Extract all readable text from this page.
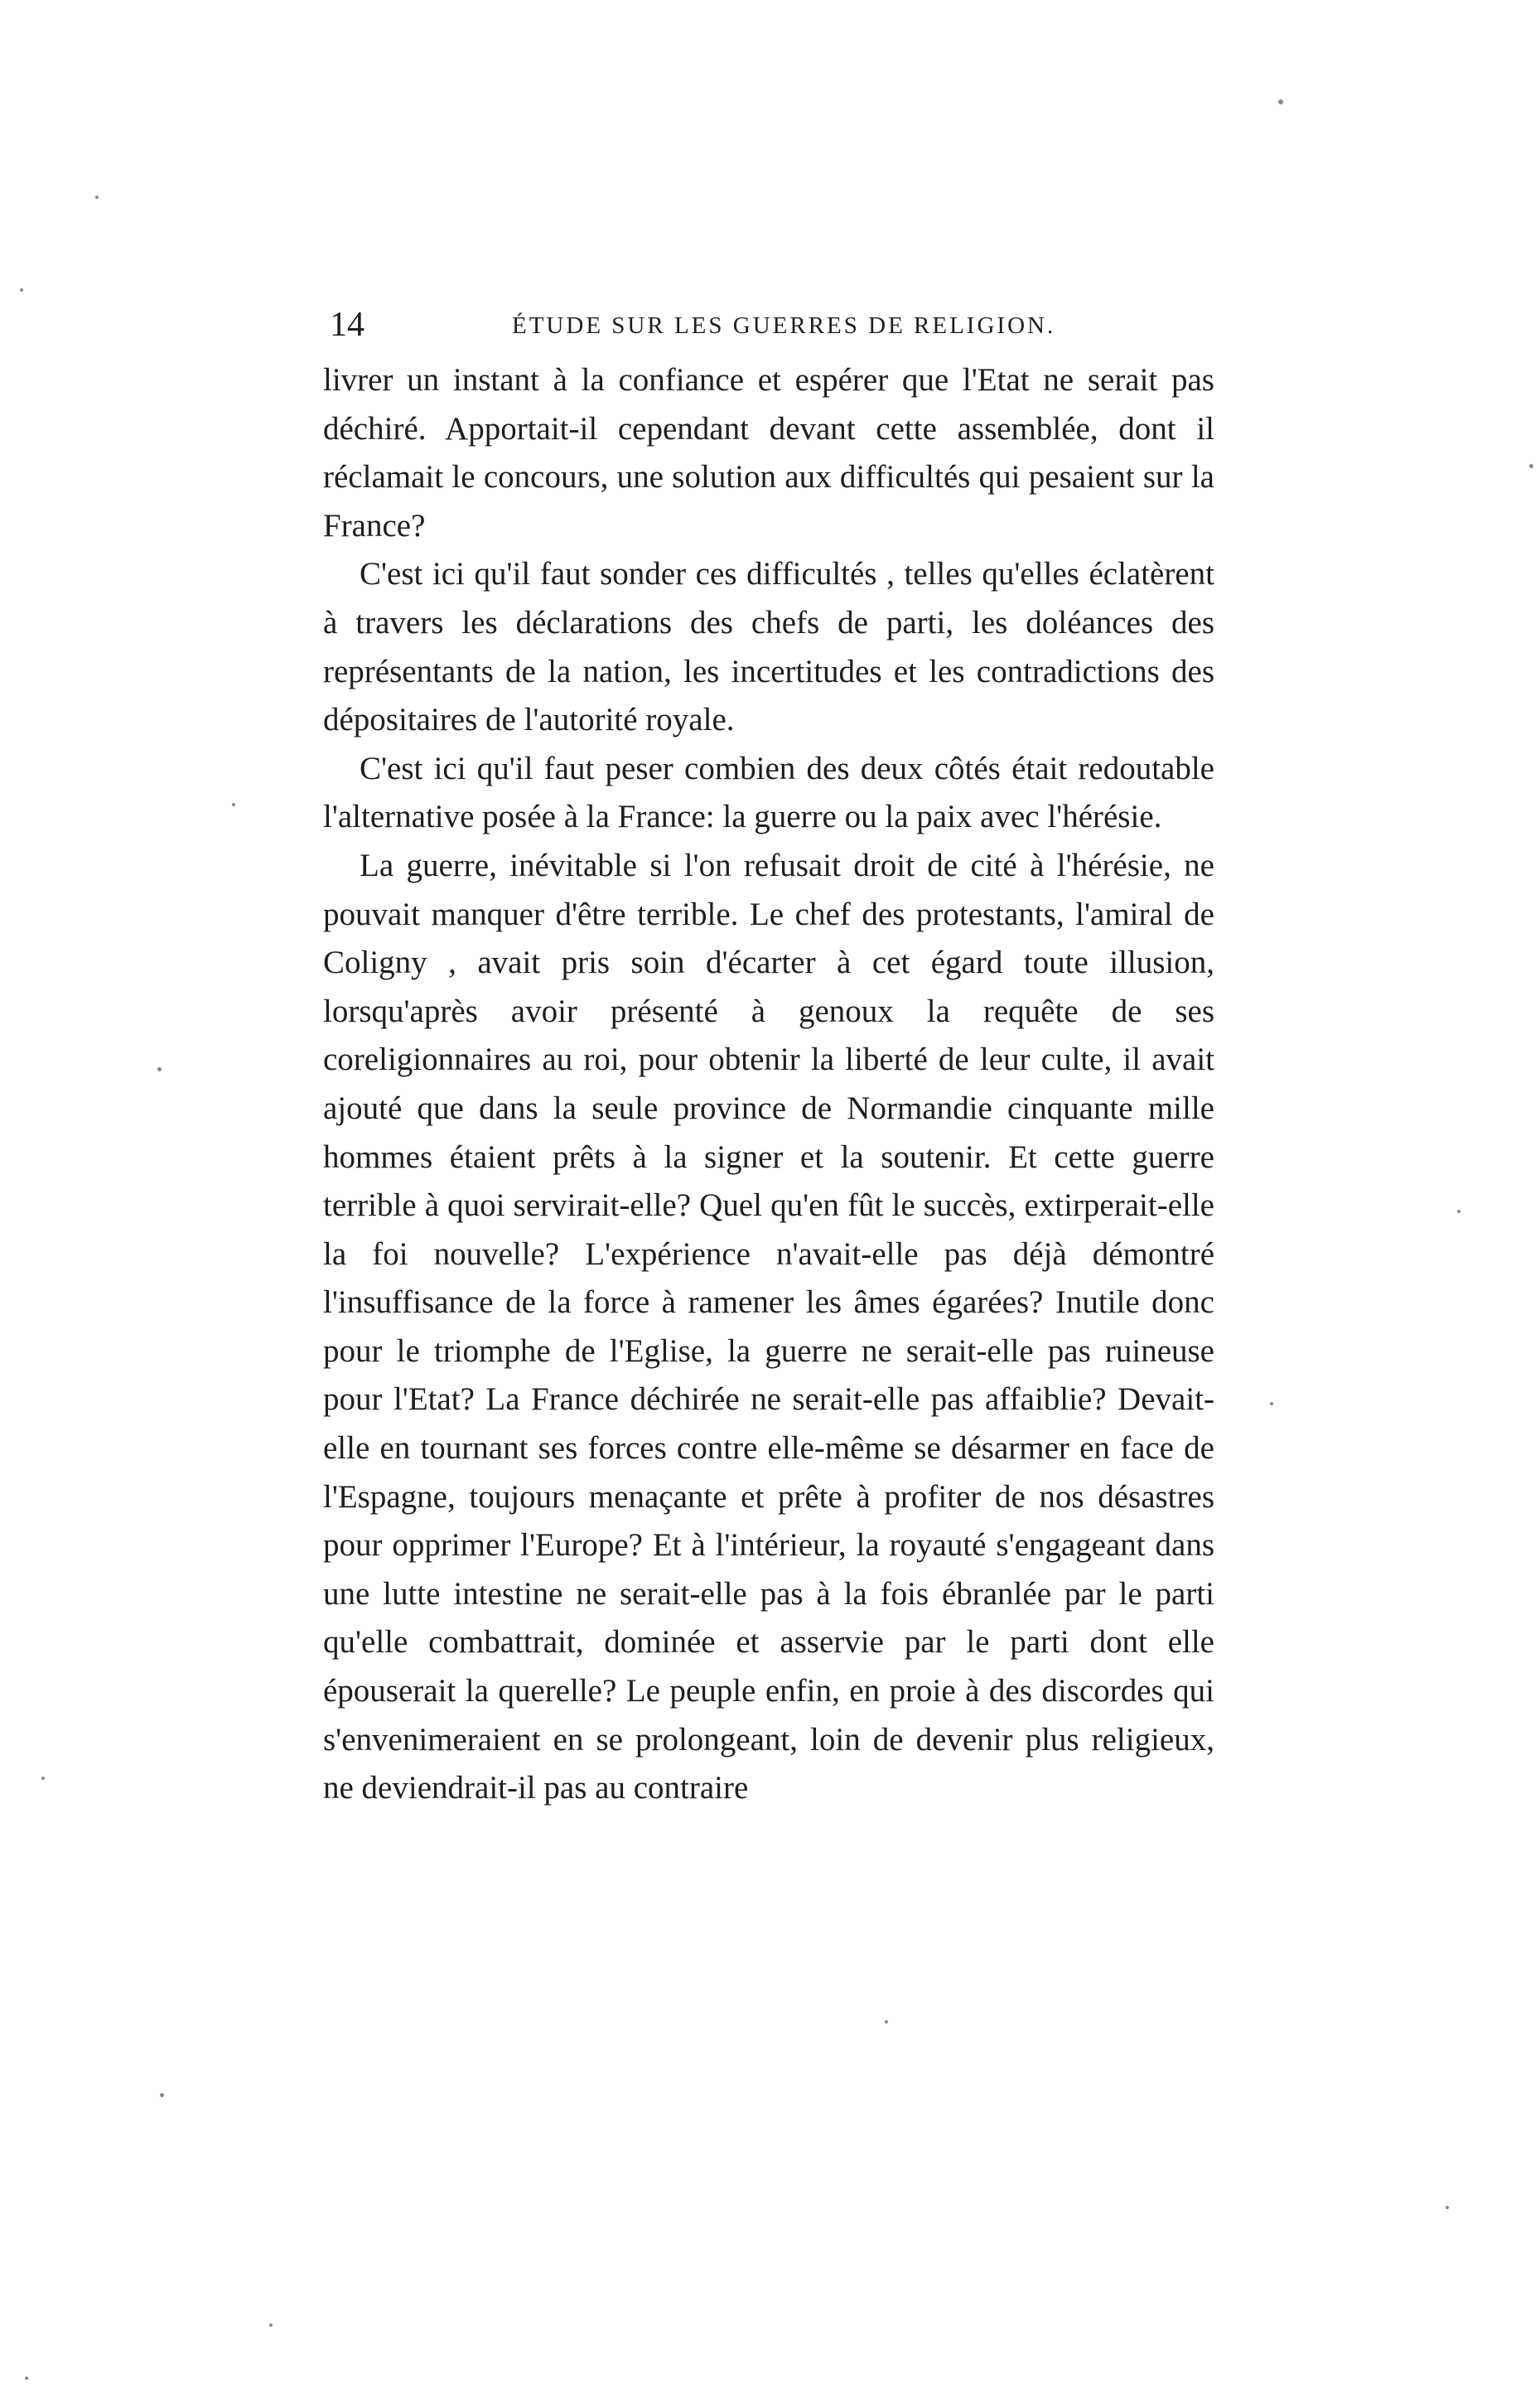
14	ÉTUDE SUR LES GUERRES DE RELIGION.

livrer un instant à la confiance et espérer que l'Etat ne serait pas déchiré. Apportait-il cependant devant cette assemblée, dont il réclamait le concours, une solution aux difficultés qui pesaient sur la France?

C'est ici qu'il faut sonder ces difficultés , telles qu'elles éclatèrent à travers les déclarations des chefs de parti, les doléances des représentants de la nation, les incertitudes et les contradictions des dépositaires de l'autorité royale.

C'est ici qu'il faut peser combien des deux côtés était redoutable l'alternative posée à la France: la guerre ou la paix avec l'hérésie.

La guerre, inévitable si l'on refusait droit de cité à l'hérésie, ne pouvait manquer d'être terrible. Le chef des protestants, l'amiral de Coligny , avait pris soin d'écarter à cet égard toute illusion, lorsqu'après avoir présenté à genoux la requête de ses coreligionnaires au roi, pour obtenir la liberté de leur culte, il avait ajouté que dans la seule province de Normandie cinquante mille hommes étaient prêts à la signer et la soutenir. Et cette guerre terrible à quoi servirait-elle? Quel qu'en fût le succès, extirperait-elle la foi nouvelle? L'expérience n'avait-elle pas déjà démontré l'insuffisance de la force à ramener les âmes égarées? Inutile donc pour le triomphe de l'Eglise, la guerre ne serait-elle pas ruineuse pour l'Etat? La France déchirée ne serait-elle pas affaiblie? Devait-elle en tournant ses forces contre elle-même se désarmer en face de l'Espagne, toujours menaçante et prête à profiter de nos désastres pour opprimer l'Europe? Et à l'intérieur, la royauté s'engageant dans une lutte intestine ne serait-elle pas à la fois ébranlée par le parti qu'elle combattrait, dominée et asservie par le parti dont elle épouserait la querelle? Le peuple enfin, en proie à des discordes qui s'envenimeraient en se prolongeant, loin de devenir plus religieux, ne deviendrait-il pas au contraire
